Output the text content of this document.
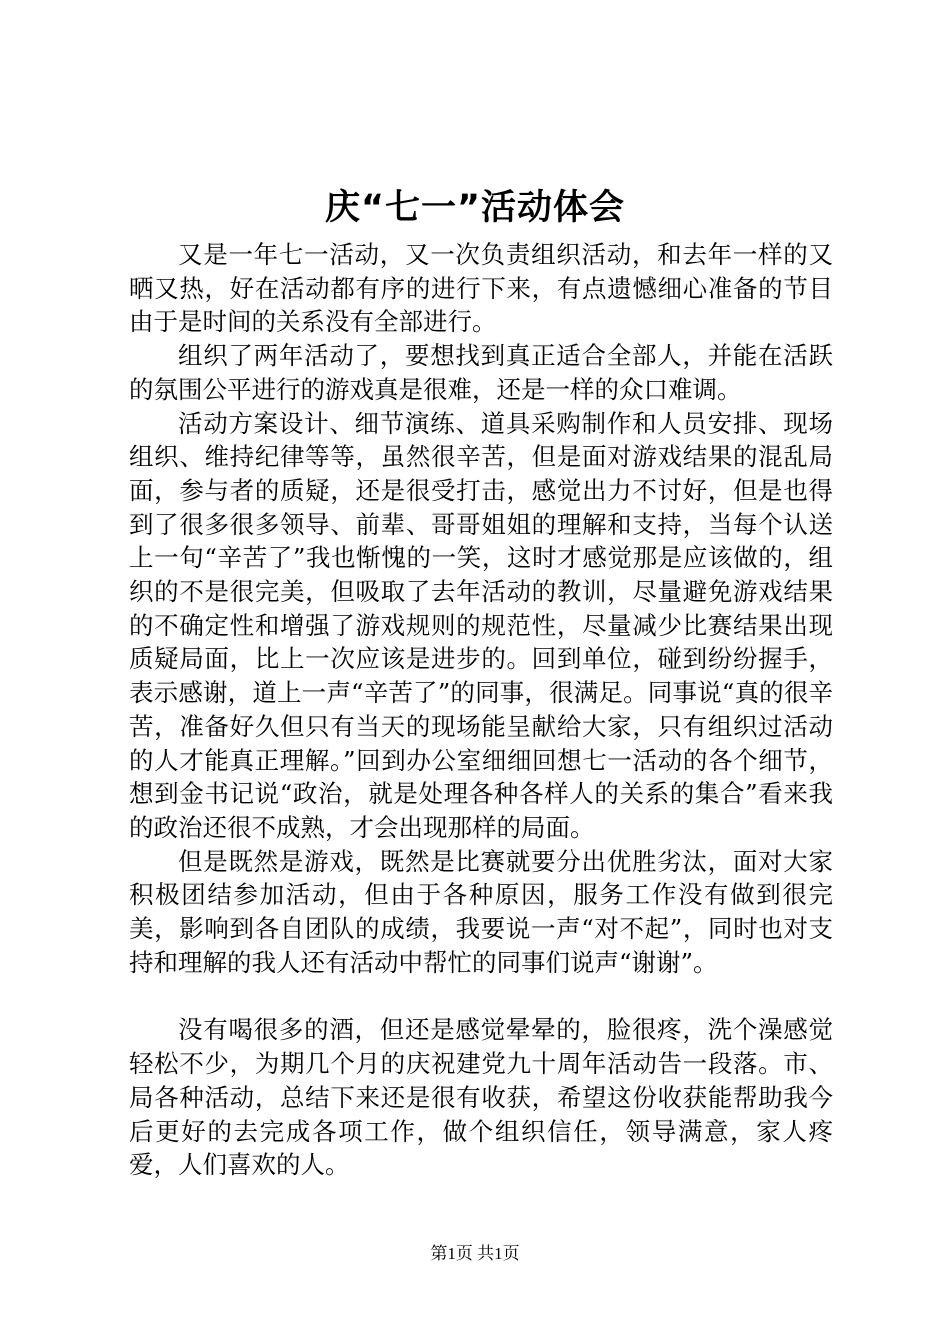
庆“七一”活动体会

又是一年七一活动，又一次负责组织活动，和去年一样的又晒又热，好在活动都有序的进行下来，有点遗憾细心准备的节目由于是时间的关系没有全部进行。

组织了两年活动了，要想找到真正适合全部人，并能在活跃的氛围公平进行的游戏真是很难，还是一样的众口难调。

活动方案设计、细节演练、道具采购制作和人员安排、现场组织、维持纪律等等，虽然很辛苦，但是面对游戏结果的混乱局面，参与者的质疑，还是很受打击，感觉出力不讨好，但是也得到了很多很多领导、前辈、哥哥姐姐的理解和支持，当每个认送上一句“辛苦了”我也惭愧的一笑，这时才感觉那是应该做的，组织的不是很完美，但吸取了去年活动的教训，尽量避免游戏结果的不确定性和增强了游戏规则的规范性，尽量减少比赛结果出现质疑局面，比上一次应该是进步的。回到单位，碰到纷纷握手，表示感谢，道上一声“辛苦了”的同事，很满足。同事说“真的很辛苦，准备好久但只有当天的现场能呈献给大家，只有组织过活动的人才能真正理解。”回到办公室细细回想七一活动的各个细节，想到金书记说“政治，就是处理各种各样人的关系的集合”看来我的政治还很不成熟，才会出现那样的局面。

但是既然是游戏，既然是比赛就要分出优胜劣汰，面对大家积极团结参加活动，但由于各种原因，服务工作没有做到很完美，影响到各自团队的成绩，我要说一声“对不起”，同时也对支持和理解的我人还有活动中帮忙的同事们说声“谢谢”。

没有喝很多的酒，但还是感觉晕晕的，脸很疼，洗个澡感觉轻松不少，为期几个月的庆祝建党九十周年活动告一段落。市、局各种活动，总结下来还是很有收获，希望这份收获能帮助我今后更好的去完成各项工作，做个组织信任，领导满意，家人疼爱，人们喜欢的人。

第1页 共1页
